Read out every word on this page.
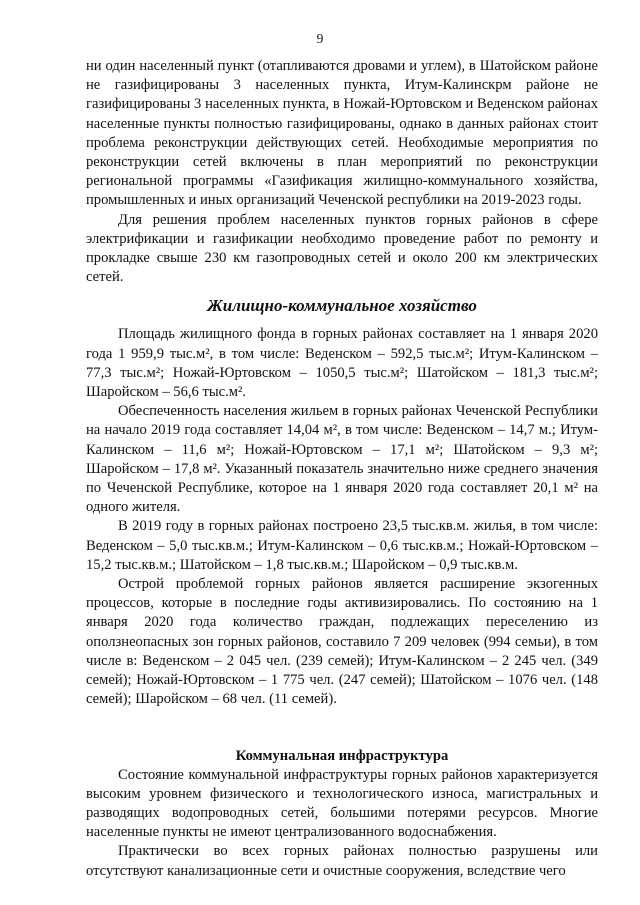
9

ни один населенный пункт (отапливаются дровами и углем), в Шатойском районе не газифицированы 3 населенных пункта, Итум-Калинскрм районе не газифицированы 3 населенных пункта, в Ножай-Юртовском и Веденском районах населенные пункты полностью газифицированы, однако в данных районах стоит проблема реконструкции действующих сетей. Необходимые мероприятия по реконструкции сетей включены в план мероприятий по реконструкции региональной программы «Газификация жилищно-коммунального хозяйства, промышленных и иных организаций Чеченской республики на 2019-2023 годы.

Для решения проблем населенных пунктов горных районов в сфере электрификации и газификации необходимо проведение работ по ремонту и прокладке свыше 230 км газопроводных сетей и около 200 км электрических сетей.

Жилищно-коммунальное хозяйство

Площадь жилищного фонда в горных районах составляет на 1 января 2020 года 1 959,9 тыс.м², в том числе: Веденском – 592,5 тыс.м²; Итум-Калинском – 77,3 тыс.м²; Ножай-Юртовском – 1050,5 тыс.м²; Шатойском – 181,3 тыс.м²; Шаройском – 56,6 тыс.м².

Обеспеченность населения жильем в горных районах Чеченской Республики на начало 2019 года составляет 14,04 м², в том числе: Веденском – 14,7 м.; Итум-Калинском – 11,6 м²; Ножай-Юртовском – 17,1 м²; Шатойском – 9,3 м²; Шаройском – 17,8 м². Указанный показатель значительно ниже среднего значения по Чеченской Республике, которое на 1 января 2020 года составляет 20,1 м² на одного жителя.

В 2019 году в горных районах построено 23,5 тыс.кв.м. жилья, в том числе: Веденском – 5,0 тыс.кв.м.; Итум-Калинском – 0,6 тыс.кв.м.; Ножай-Юртовском – 15,2 тыс.кв.м.; Шатойском – 1,8 тыс.кв.м.; Шаройском – 0,9 тыс.кв.м.

Острой проблемой горных районов является расширение экзогенных процессов, которые в последние годы активизировались. По состоянию на 1 января 2020 года количество граждан, подлежащих переселению из оползнеопасных зон горных районов, составило 7 209 человек (994 семьи), в том числе в: Веденском – 2 045 чел. (239 семей); Итум-Калинском – 2 245 чел. (349 семей); Ножай-Юртовском – 1 775 чел. (247 семей); Шатойском – 1076 чел. (148 семей); Шаройском – 68 чел. (11 семей).

Коммунальная инфраструктура

Состояние коммунальной инфраструктуры горных районов характеризуется высоким уровнем физического и технологического износа, магистральных и разводящих водопроводных сетей, большими потерями ресурсов. Многие населенные пункты не имеют централизованного водоснабжения.

Практически во всех горных районах полностью разрушены или отсутствуют канализационные сети и очистные сооружения, вследствие чего
